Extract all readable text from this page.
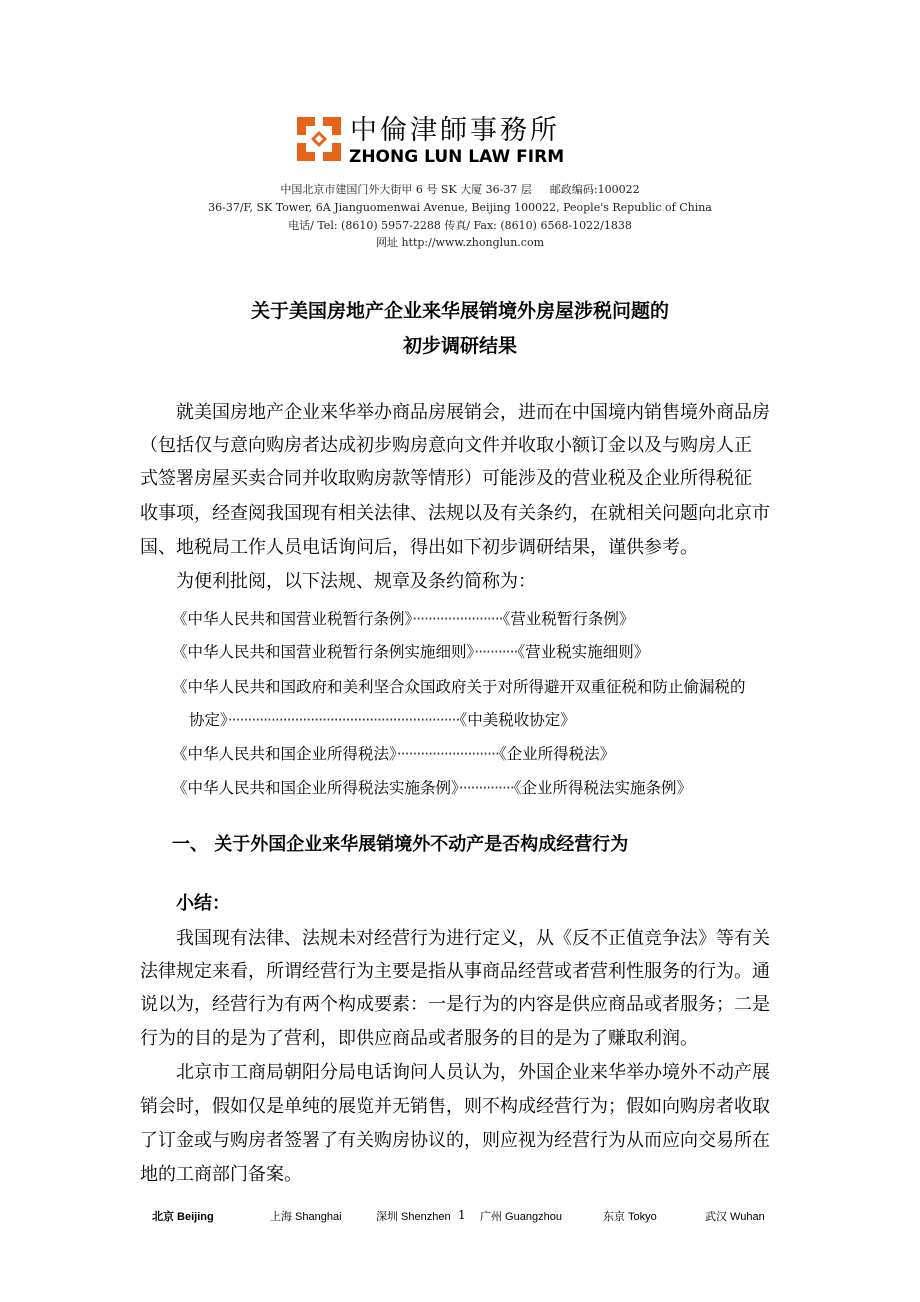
中倫津師事務所
ZHONG LUN LAW FIRM
中国北京市建国门外大街甲 6 号 SK 大厦 36-37 层 邮政编码:100022
36-37/F, SK Tower, 6A Jianguomenwai Avenue, Beijing 100022, People's Republic of China
电话/ Tel: (8610) 5957-2288 传真/ Fax: (8610) 6568-1022/1838
网址 http://www.zhonglun.com
关于美国房地产企业来华展销境外房屋涉税问题的
初步调研结果
就美国房地产企业来华举办商品房展销会，进而在中国境内销售境外商品房
（包括仅与意向购房者达成初步购房意向文件并收取小额订金以及与购房人正
式签署房屋买卖合同并收取购房款等情形）可能涉及的营业税及企业所得税征
收事项，经查阅我国现有相关法律、法规以及有关条约，在就相关问题向北京市
国、地税局工作人员电话询问后，得出如下初步调研结果，谨供参考。
为便利批阅，以下法规、规章及条约简称为：
《中华人民共和国营业税暂行条例》·······················《营业税暂行条例》
《中华人民共和国营业税暂行条例实施细则》···········《营业税实施细则》
《中华人民共和国政府和美利坚合众国政府关于对所得避开双重征税和防止偷漏税的
协定》···························································《中美税收协定》
《中华人民共和国企业所得税法》··························《企业所得税法》
《中华人民共和国企业所得税法实施条例》··············《企业所得税法实施条例》
一、 关于外国企业来华展销境外不动产是否构成经营行为
小结：
我国现有法律、法规未对经营行为进行定义，从《反不正值竞争法》等有关
法律规定来看，所谓经营行为主要是指从事商品经营或者营利性服务的行为。通
说以为，经营行为有两个构成要素：一是行为的内容是供应商品或者服务；二是
行为的目的是为了营利，即供应商品或者服务的目的是为了赚取利润。
北京市工商局朝阳分局电话询问人员认为，外国企业来华举办境外不动产展
销会时，假如仅是单纯的展览并无销售，则不构成经营行为；假如向购房者收取
了订金或与购房者签署了有关购房协议的，则应视为经营行为从而应向交易所在
地的工商部门备案。
北京 Beijing	上海 Shanghai	深圳 Shenzhen 1 广州 Guangzhou	东京 Tokyo	武汉 Wuhan
